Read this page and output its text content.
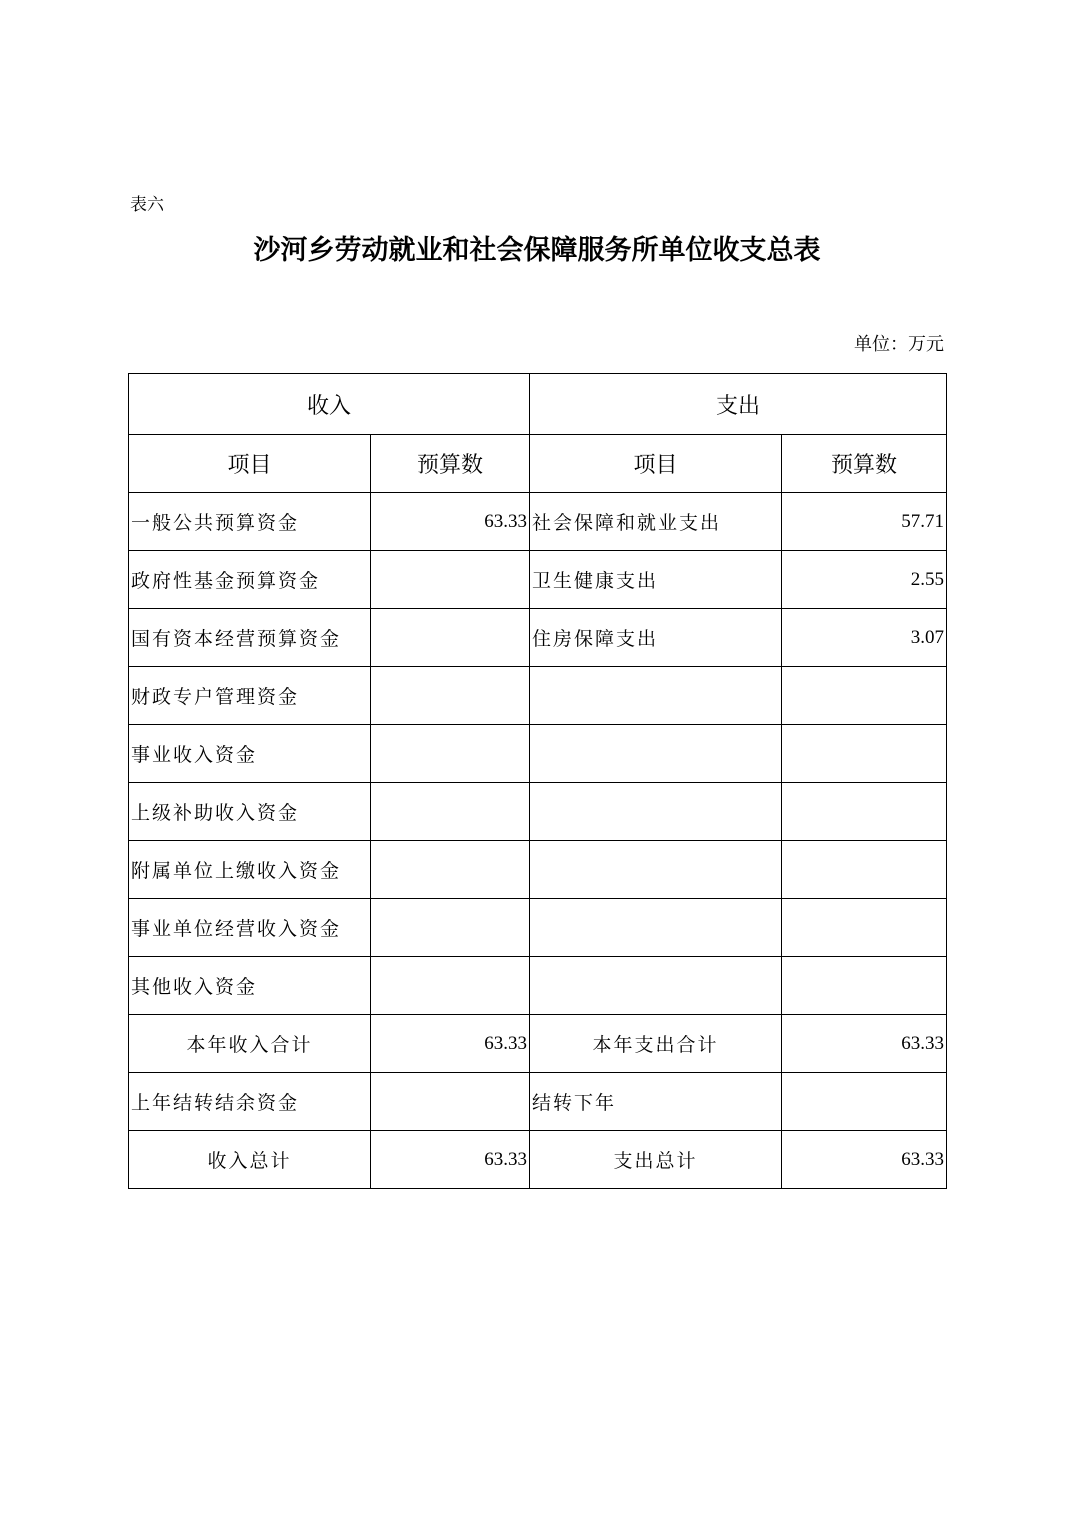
表六
沙河乡劳动就业和社会保障服务所单位收支总表
单位：万元
收入		支出	
项目	预算数	项目	预算数
一般公共预算资金	63.33	社会保障和就业支出	57.71
政府性基金预算资金		卫生健康支出	2.55
国有资本经营预算资金		住房保障支出	3.07
财政专户管理资金			
事业收入资金			
上级补助收入资金			
附属单位上缴收入资金			
事业单位经营收入资金			
其他收入资金			
本年收入合计	63.33	本年支出合计	63.33
上年结转结余资金		结转下年	
收入总计	63.33	支出总计	63.33
